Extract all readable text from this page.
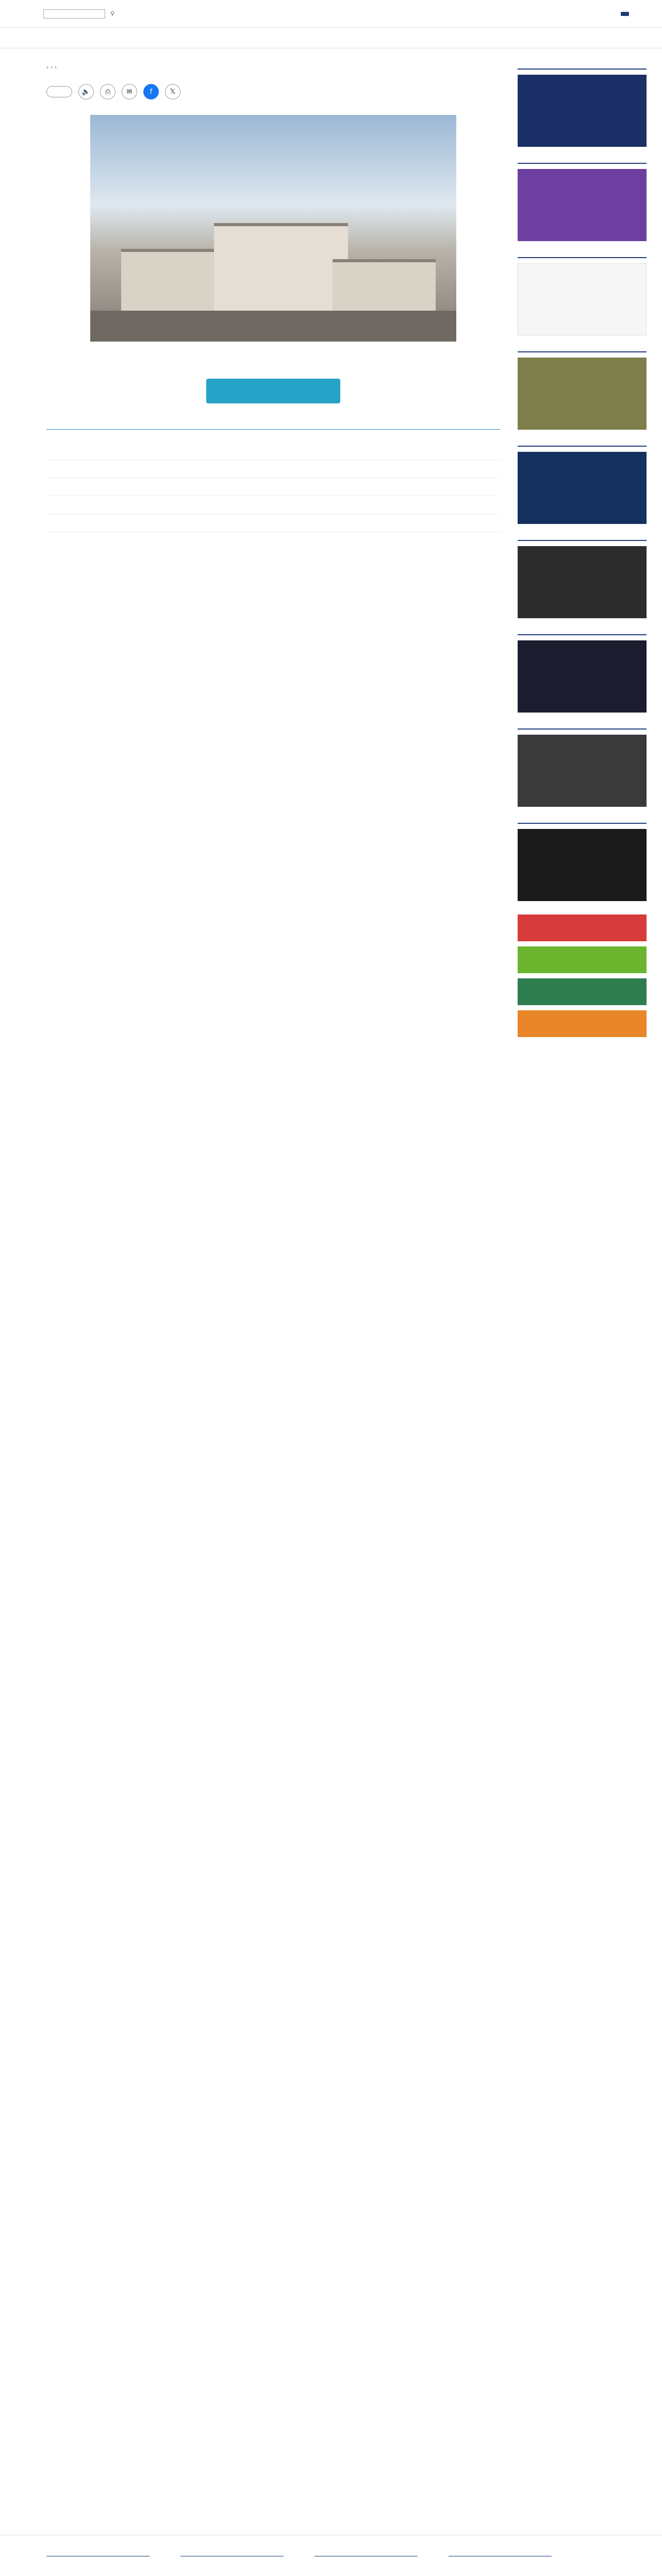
⚲
› › ›
🔈	⎙	✉	f	𝕏
